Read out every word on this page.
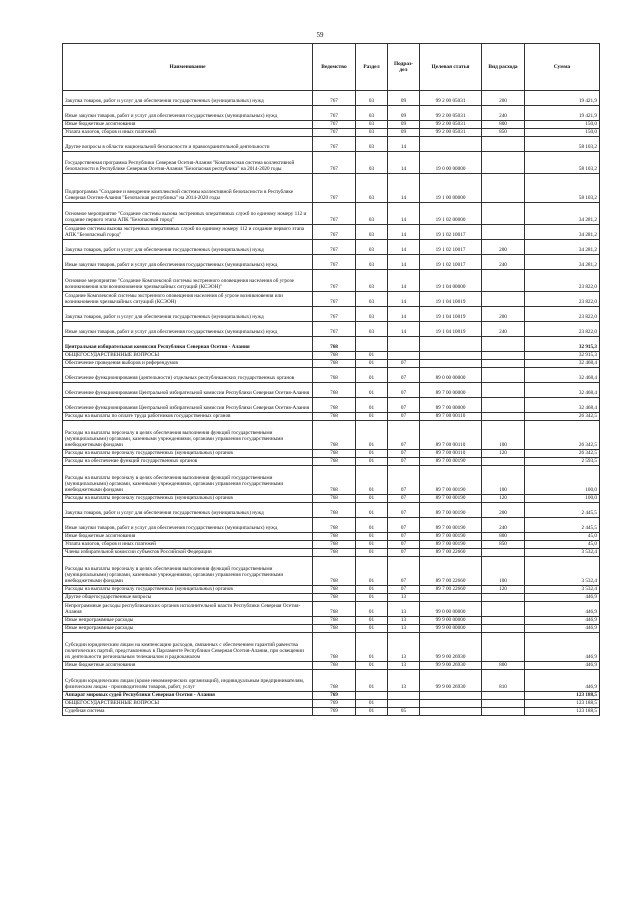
59
Наименование	Ведомство	Раздел	Подраз-дел	Целевая статья	Вид расхода	Сумма
Закупка товаров, работ и услуг для обеспечения государственных (муниципальных) нужд	767	03	09	99 2 00 05031	200	19 421,9
Иные закупки товаров, работ и услуг для обеспечения государственных (муниципальных) нужд	767	03	09	99 2 00 05031	240	19 421,9
Иные бюджетные ассигнования	767	03	09	99 2 00 05031	800	150,0
Уплата налогов, сборов и иных платежей	767	03	09	99 2 00 05031	850	150,0
Другие вопросы в области национальной безопасности и правоохранительной деятельности	767	03	14			58 103,2
Государственная программа Республики Северная Осетия-Алания "Комплексная система коллективной безопасности в Республике Северная Осетия-Алания "Безопасная республика" на 2014-2020 годы	767	03	14	19 0 00 00000		58 103,2
Подпрограмма "Создание и внедрение комплексной системы коллективной безопасности в Республике Северная Осетия-Алания "Безопасная республика" на 2014-2020 годы	767	03	14	19 1 00 00000		58 103,2
Основное мероприятие "Создание системы вызова экстренных оперативных служб по единому номеру 112 и создание первого этапа АПК "Безопасный город"	767	03	14	19 1 02 00000		34 281,2
Создание системы вызова экстренных оперативных служб по единому номеру 112 и создание первого этапа АПК "Безопасный город"	767	03	14	19 1 02 10017		34 281,2
Закупка товаров, работ и услуг для обеспечения государственных (муниципальных) нужд	767	03	14	19 1 02 10017	200	34 281,2
Иные закупки товаров, работ и услуг для обеспечения государственных (муниципальных) нужд	767	03	14	19 1 02 10017	240	34 281,2
Основное мероприятие "Создание Комплексной системы экстренного оповещения населения об угрозе возникновения или возникновении чрезвычайных ситуаций (КСЭОН)"	767	03	14	19 1 04 00000		23 822,0
Создание Комплексной системы экстренного оповещения населения об угрозе возникновения или возникновении чрезвычайных ситуаций (КСЭОН)	767	03	14	19 1 04 10019		23 822,0
Закупка товаров, работ и услуг для обеспечения государственных (муниципальных) нужд	767	03	14	19 1 04 10019	200	23 822,0
Иные закупки товаров, работ и услуг для обеспечения государственных (муниципальных) нужд	767	03	14	19 1 04 10019	240	23 822,0
Центральная избирательная комиссия Республики Северная Осетия - Алания	768					32 915,3
ОБЩЕГОСУДАРСТВЕННЫЕ ВОПРОСЫ	768	01				32 915,3
Обеспечение проведения выборов и референдумов	768	01	07			32 468,4
Обеспечение функционирования (деятельности) отдельных республиканских государственных органов	768	01	07	89 0 00 00000		32 468,4
Обеспечение функционирования Центральной избирательной комиссии Республики Северная Осетия-Алания	768	01	07	89 7 00 00000		32 468,4
Обеспечение функционирования Центральной избирательной комиссии Республики Северная Осетия-Алания	768	01	07	89 7 00 00000		32 468,4
Расходы на выплаты по оплате труда работников государственных органов	768	01	07	89 7 00 00110		26 342,5
Расходы на выплаты персоналу в целях обеспечения выполнения функций государственными (муниципальными) органами, казенными учреждениями, органами управления государственными внебюджетными фондами	768	01	07	89 7 00 00110	100	26 342,5
Расходы на выплаты персоналу государственных (муниципальных) органов	768	01	07	89 7 00 00110	120	26 342,5
Расходы на обеспечение функций государственных органов	768	01	07	89 7 00 00190		2 593,5
Расходы на выплаты персоналу в целях обеспечения выполнения функций государственными (муниципальными) органами, казенными учреждениями, органами управления государственными внебюджетными фондами	768	01	07	89 7 00 00190	100	100,0
Расходы на выплаты персоналу государственных (муниципальных) органов	768	01	07	89 7 00 00190	120	100,0
Закупка товаров, работ и услуг для обеспечения государственных (муниципальных) нужд	768	01	07	89 7 00 00190	200	2 445,5
Иные закупки товаров, работ и услуг для обеспечения государственных (муниципальных) нужд	768	01	07	89 7 00 00190	240	2 445,5
Иные бюджетные ассигнования	768	01	07	89 7 00 00190	800	45,0
Уплата налогов, сборов и иных платежей	768	01	07	89 7 00 00190	850	45,0
Члены избирательной комиссии субъектов Российской Федерации	768	01	07	89 7 00 22660		3 532,4
Расходы на выплаты персоналу в целях обеспечения выполнения функций государственными (муниципальными) органами, казенными учреждениями, органами управления государственными внебюджетными фондами	768	01	07	89 7 00 22660	100	3 532,4
Расходы на выплаты персоналу государственных (муниципальных) органов	768	01	07	89 7 00 22660	120	3 532,4
Другие общегосударственные вопросы	768	01	13			446,9
Непрограммные расходы республиканских органов исполнительной власти Республики Северная Осетия-Алания	768	01	13	99 0 00 00000		446,9
Иные непрограммные расходы	768	01	13	99 9 00 00000		446,9
Иные непрограммные расходы	768	01	13	99 9 00 00000		446,9
Субсидии юридическим лицам на компенсацию расходов, связанных с обеспечением гарантий равенства политических партий, представленных в Парламенте Республики Северная Осетия-Алания, при освещении их деятельности региональным телеканалом и радиоканалом	768	01	13	99 9 00 26930		446,9
Иные бюджетные ассигнования	768	01	13	99 9 00 26930	800	446,9
Субсидии юридическим лицам (кроме некоммерческих организаций), индивидуальным предпринимателям, физическим лицам - производителям товаров, работ, услуг	768	01	13	99 9 00 26930	810	446,9
Аппарат мировых судей Республики Северная Осетия - Алания	769					123 188,5
ОБЩЕГОСУДАРСТВЕННЫЕ ВОПРОСЫ	769	01				123 188,5
Судебная система	769	01	05			123 188,5
